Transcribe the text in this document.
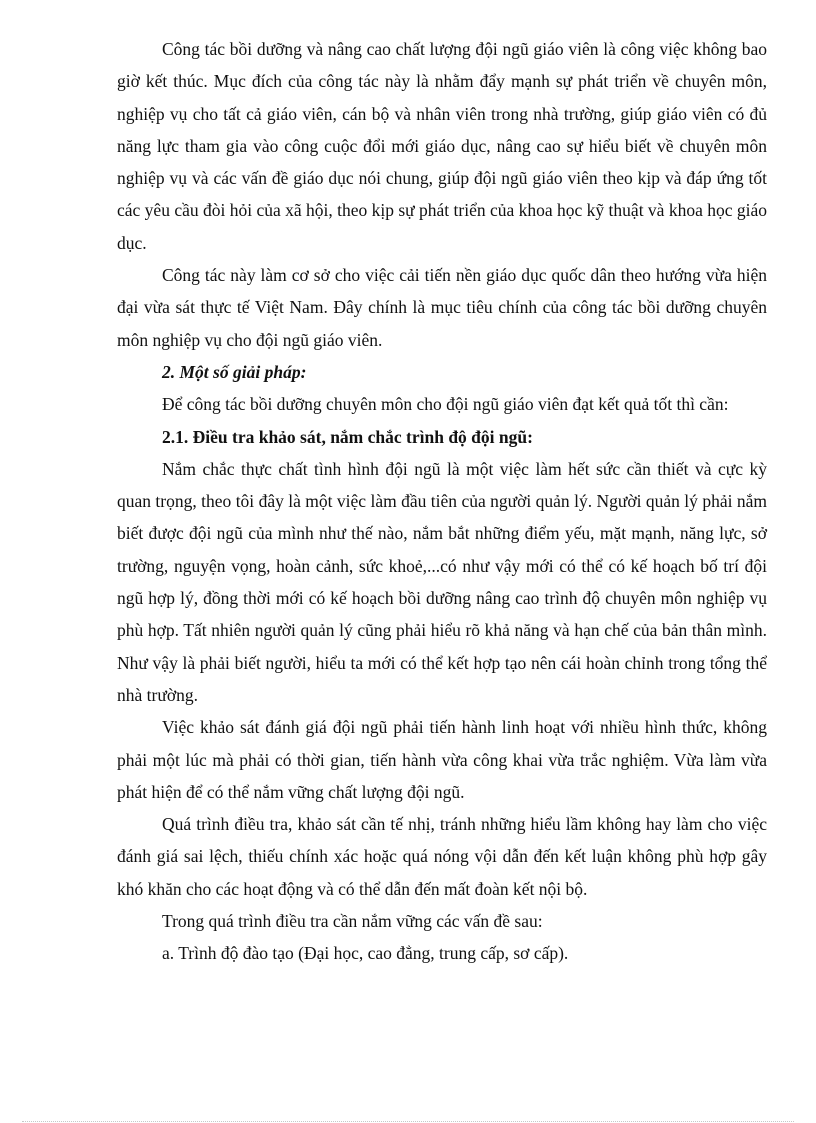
Công tác bồi dưỡng và nâng cao chất lượng đội ngũ giáo viên là công việc không bao giờ kết thúc. Mục đích của công tác này là nhằm đẩy mạnh sự phát triển về chuyên môn, nghiệp vụ cho tất cả giáo viên, cán bộ và nhân viên trong nhà trường, giúp giáo viên có đủ năng lực tham gia vào công cuộc đổi mới giáo dục, nâng cao sự hiểu biết về chuyên môn nghiệp vụ và các vấn đề giáo dục nói chung, giúp đội ngũ giáo viên theo kịp và đáp ứng tốt các yêu cầu đòi hỏi của xã hội, theo kịp sự phát triển của khoa học kỹ thuật và khoa học giáo dục.

Công tác này làm cơ sở cho việc cải tiến nền giáo dục quốc dân theo hướng vừa hiện đại vừa sát thực tế Việt Nam. Đây chính là mục tiêu chính của công tác bồi dưỡng chuyên môn nghiệp vụ cho đội ngũ giáo viên.

2. Một số giải pháp:

Để công tác bồi dưỡng chuyên môn cho đội ngũ giáo viên đạt kết quả tốt thì cần:

2.1. Điều tra khảo sát, nắm chắc trình độ đội ngũ:

Nắm chắc thực chất tình hình đội ngũ là một việc làm hết sức cần thiết và cực kỳ quan trọng, theo tôi đây là một việc làm đầu tiên của người quản lý. Người quản lý phải nắm biết được đội ngũ của mình như thế nào, nắm bắt những điểm yếu, mặt mạnh, năng lực, sở trường, nguyện vọng, hoàn cảnh, sức khoẻ,...có như vậy mới có thể có kế hoạch bố trí đội ngũ hợp lý, đồng thời mới có kế hoạch bồi dưỡng nâng cao trình độ chuyên môn nghiệp vụ phù hợp. Tất nhiên người quản lý cũng phải hiểu rõ khả năng và hạn chế của bản thân mình. Như vậy là phải biết người, hiểu ta mới có thể kết hợp tạo nên cái hoàn chỉnh trong tổng thể nhà trường.

Việc khảo sát đánh giá đội ngũ phải tiến hành linh hoạt với nhiều hình thức, không phải một lúc mà phải có thời gian, tiến hành vừa công khai vừa trắc nghiệm. Vừa làm vừa phát hiện để có thể nắm vững chất lượng đội ngũ.

Quá trình điều tra, khảo sát cần tế nhị, tránh những hiểu lầm không hay làm cho việc đánh giá sai lệch, thiếu chính xác hoặc quá nóng vội dẫn đến kết luận không phù hợp gây khó khăn cho các hoạt động và có thể dẫn đến mất đoàn kết nội bộ.

Trong quá trình điều tra cần nắm vững các vấn đề sau:

a. Trình độ đào tạo (Đại học, cao đẳng, trung cấp, sơ cấp).
